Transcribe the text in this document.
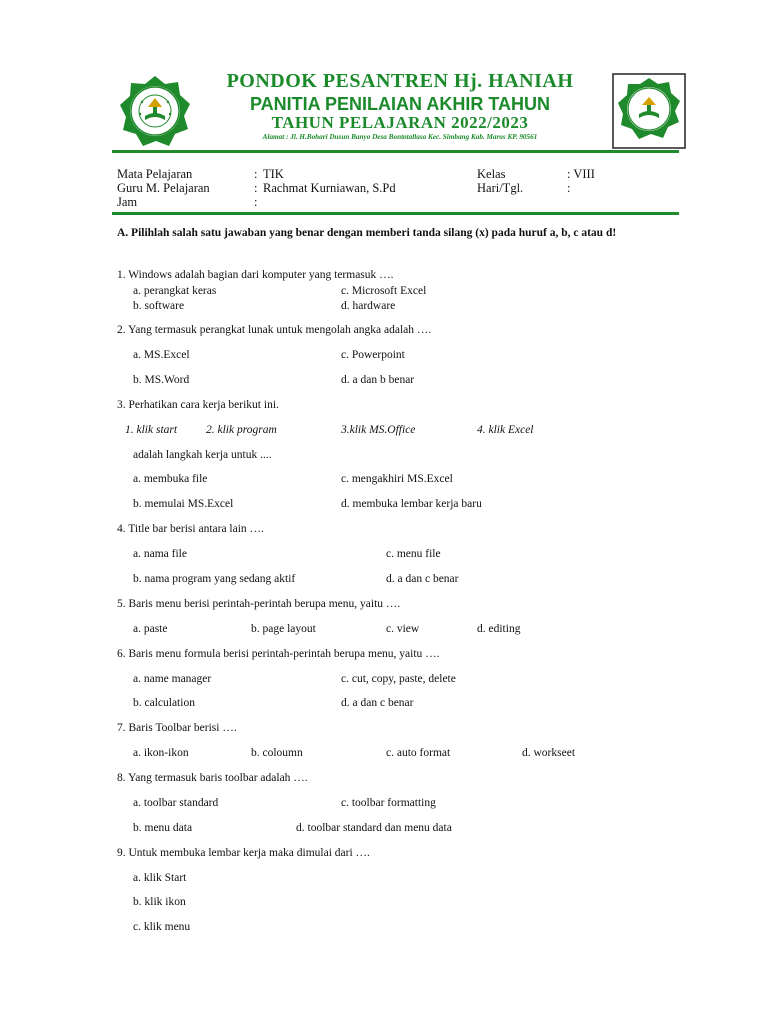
PONDOK PESANTREN Hj. HANIAH
PANITIA PENILAIAN AKHIR TAHUN
TAHUN PELAJARAN 2022/2023
Alamat : Jl. H.Bohari Dusun Banyo Desa Bontotallasa Kec. Simbang Kab. Maros KP. 90561
Mata Pelajaran	: TIK	Kelas	: VIII
Guru M. Pelajaran	: Rachmat Kurniawan, S.Pd	Hari/Tgl.	:
Jam	:
A. Pilihlah salah satu jawaban yang benar dengan memberi tanda silang (x) pada huruf a, b, c atau d!
1. Windows adalah bagian dari komputer yang termasuk ….
a. perangkat keras	c. Microsoft Excel
b. software	d. hardware
2. Yang termasuk perangkat lunak untuk mengolah angka adalah ….
a. MS.Excel	c. Powerpoint
b. MS.Word	d. a dan b benar
3. Perhatikan cara kerja berikut ini.
1. klik start	2. klik program	3.klik MS.Office	4. klik Excel
adalah langkah kerja untuk ....
a. membuka file	c. mengakhiri MS.Excel
b. memulai MS.Excel	d. membuka lembar kerja baru
4. Title bar berisi antara lain ….
a. nama file	c. menu file
b. nama program yang sedang aktif	d. a dan c benar
5. Baris menu berisi perintah-perintah berupa menu, yaitu ….
a. paste	b. page layout	c. view	d. editing
6. Baris menu formula berisi perintah-perintah berupa menu, yaitu ….
a. name manager	c. cut, copy, paste, delete
b. calculation	d. a dan c benar
7. Baris Toolbar berisi ….
a. ikon-ikon	b. coloumn	c. auto format	d. workseet
8. Yang termasuk baris toolbar adalah ….
a. toolbar standard	c. toolbar formatting
b. menu data	d. toolbar standard dan menu data
9. Untuk membuka lembar kerja maka dimulai dari ….
a. klik Start
b. klik ikon
c. klik menu
